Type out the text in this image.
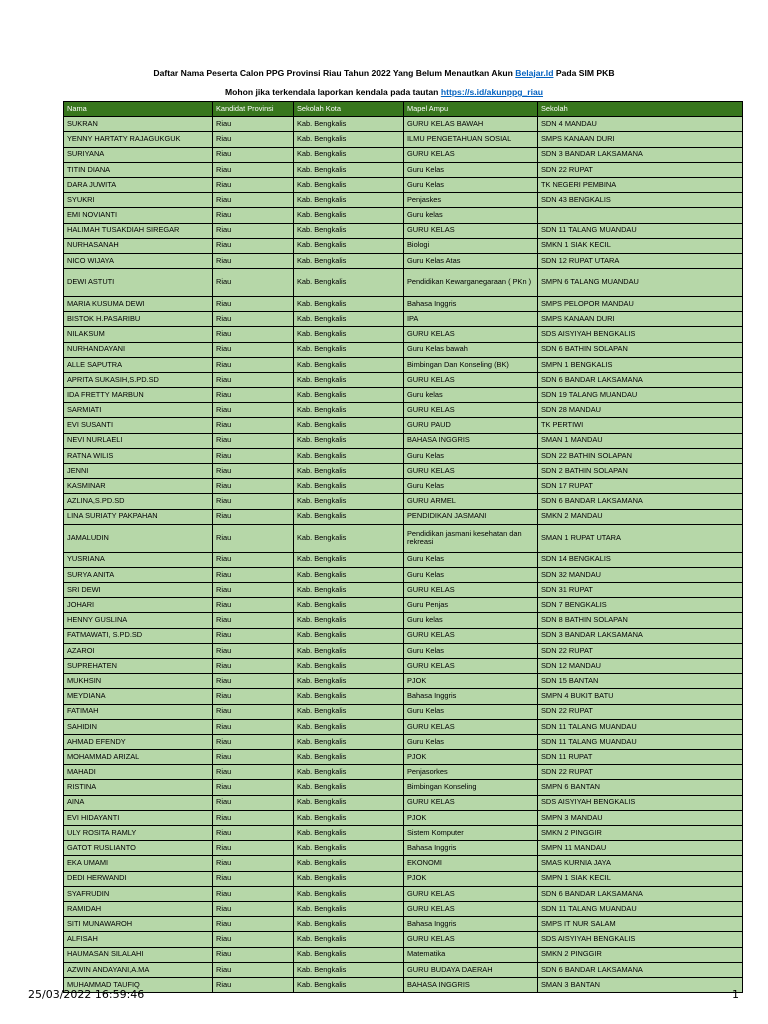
Daftar Nama Peserta Calon PPG Provinsi Riau Tahun 2022 Yang Belum Menautkan Akun Belajar.Id Pada SIM PKB
Mohon jika terkendala laporkan kendala pada tautan https://s.id/akunppg_riau
Nama	Kandidat Provinsi	Sekolah Kota	Mapel Ampu	Sekolah
SUKRAN	Riau	Kab. Bengkalis	GURU KELAS BAWAH	SDN 4 MANDAU
YENNY HARTATY RAJAGUKGUK	Riau	Kab. Bengkalis	ILMU PENGETAHUAN SOSIAL	SMPS KANAAN DURI
SURIYANA	Riau	Kab. Bengkalis	GURU KELAS	SDN 3 BANDAR LAKSAMANA
TITIN DIANA	Riau	Kab. Bengkalis	Guru Kelas	SDN 22 RUPAT
DARA JUWITA	Riau	Kab. Bengkalis	Guru Kelas	TK NEGERI PEMBINA
SYUKRI	Riau	Kab. Bengkalis	Penjaskes	SDN 43 BENGKALIS
EMI NOVIANTI	Riau	Kab. Bengkalis	Guru kelas	
HALIMAH TUSAKDIAH SIREGAR	Riau	Kab. Bengkalis	GURU KELAS	SDN 11 TALANG MUANDAU
NURHASANAH	Riau	Kab. Bengkalis	Biologi	SMKN 1 SIAK KECIL
NICO WIJAYA	Riau	Kab. Bengkalis	Guru Kelas Atas	SDN 12 RUPAT UTARA
DEWI ASTUTI	Riau	Kab. Bengkalis	Pendidikan Kewarganegaraan ( PKn )	SMPN 6 TALANG MUANDAU
MARIA KUSUMA DEWI	Riau	Kab. Bengkalis	Bahasa Inggris	SMPS PELOPOR MANDAU
BISTOK H.PASARIBU	Riau	Kab. Bengkalis	IPA	SMPS KANAAN DURI
NILAKSUM	Riau	Kab. Bengkalis	GURU KELAS	SDS AISYIYAH BENGKALIS
NURHANDAYANI	Riau	Kab. Bengkalis	Guru Kelas bawah	SDN 6 BATHIN SOLAPAN
ALLE SAPUTRA	Riau	Kab. Bengkalis	Bimbingan Dan Konseling (BK)	SMPN 1 BENGKALIS
APRITA SUKASIH,S.PD.SD	Riau	Kab. Bengkalis	GURU KELAS	SDN 6 BANDAR LAKSAMANA
IDA FRETTY MARBUN	Riau	Kab. Bengkalis	Guru kelas	SDN 19 TALANG MUANDAU
SARMIATI	Riau	Kab. Bengkalis	GURU KELAS	SDN 28 MANDAU
EVI SUSANTI	Riau	Kab. Bengkalis	GURU PAUD	TK PERTIWI
NEVI NURLAELI	Riau	Kab. Bengkalis	BAHASA INGGRIS	SMAN 1 MANDAU
RATNA WILIS	Riau	Kab. Bengkalis	Guru Kelas	SDN 22 BATHIN SOLAPAN
JENNI	Riau	Kab. Bengkalis	GURU KELAS	SDN 2 BATHIN SOLAPAN
KASMINAR	Riau	Kab. Bengkalis	Guru Kelas	SDN 17 RUPAT
AZLINA,S.PD.SD	Riau	Kab. Bengkalis	GURU ARMEL	SDN 6 BANDAR LAKSAMANA
LINA SURIATY PAKPAHAN	Riau	Kab. Bengkalis	PENDIDIKAN JASMANI	SMKN 2 MANDAU
JAMALUDIN	Riau	Kab. Bengkalis	Pendidikan jasmani kesehatan dan rekreasi	SMAN 1 RUPAT UTARA
YUSRIANA	Riau	Kab. Bengkalis	Guru Kelas	SDN 14 BENGKALIS
SURYA ANITA	Riau	Kab. Bengkalis	Guru Kelas	SDN 32 MANDAU
SRI DEWI	Riau	Kab. Bengkalis	GURU KELAS	SDN 31 RUPAT
JOHARI	Riau	Kab. Bengkalis	Guru Penjas	SDN 7 BENGKALIS
HENNY GUSLINA	Riau	Kab. Bengkalis	Guru kelas	SDN 8 BATHIN SOLAPAN
FATMAWATI, S.PD.SD	Riau	Kab. Bengkalis	GURU KELAS	SDN 3 BANDAR LAKSAMANA
AZAROI	Riau	Kab. Bengkalis	Guru Kelas	SDN 22 RUPAT
SUPREHATEN	Riau	Kab. Bengkalis	GURU KELAS	SDN 12 MANDAU
MUKHSIN	Riau	Kab. Bengkalis	PJOK	SDN 15 BANTAN
MEYDIANA	Riau	Kab. Bengkalis	Bahasa Inggris	SMPN 4 BUKIT BATU
FATIMAH	Riau	Kab. Bengkalis	Guru Kelas	SDN 22 RUPAT
SAHIDIN	Riau	Kab. Bengkalis	GURU KELAS	SDN 11 TALANG MUANDAU
AHMAD EFENDY	Riau	Kab. Bengkalis	Guru Kelas	SDN 11 TALANG MUANDAU
MOHAMMAD ARIZAL	Riau	Kab. Bengkalis	PJOK	SDN 11 RUPAT
MAHADI	Riau	Kab. Bengkalis	Penjasorkes	SDN 22 RUPAT
RISTINA	Riau	Kab. Bengkalis	Bimbingan Konseling	SMPN 6 BANTAN
AINA	Riau	Kab. Bengkalis	GURU KELAS	SDS AISYIYAH BENGKALIS
EVI HIDAYANTI	Riau	Kab. Bengkalis	PJOK	SMPN 3 MANDAU
ULY ROSITA RAMLY	Riau	Kab. Bengkalis	Sistem Komputer	SMKN 2 PINGGIR
GATOT RUSLIANTO	Riau	Kab. Bengkalis	Bahasa Inggris	SMPN 11 MANDAU
EKA UMAMI	Riau	Kab. Bengkalis	EKONOMI	SMAS KURNIA JAYA
DEDI HERWANDI	Riau	Kab. Bengkalis	PJOK	SMPN 1 SIAK KECIL
SYAFRUDIN	Riau	Kab. Bengkalis	GURU KELAS	SDN 6 BANDAR LAKSAMANA
RAMIDAH	Riau	Kab. Bengkalis	GURU KELAS	SDN 11 TALANG MUANDAU
SITI MUNAWAROH	Riau	Kab. Bengkalis	Bahasa Inggris	SMPS IT NUR SALAM
ALFISAH	Riau	Kab. Bengkalis	GURU KELAS	SDS AISYIYAH BENGKALIS
HAUMASAN SILALAHI	Riau	Kab. Bengkalis	Matematika	SMKN 2 PINGGIR
AZWIN ANDAYANI,A.MA	Riau	Kab. Bengkalis	GURU BUDAYA DAERAH	SDN 6 BANDAR LAKSAMANA
MUHAMMAD TAUFIQ	Riau	Kab. Bengkalis	BAHASA INGGRIS	SMAN 3 BANTAN
25/03/2022 16:59:46	1
